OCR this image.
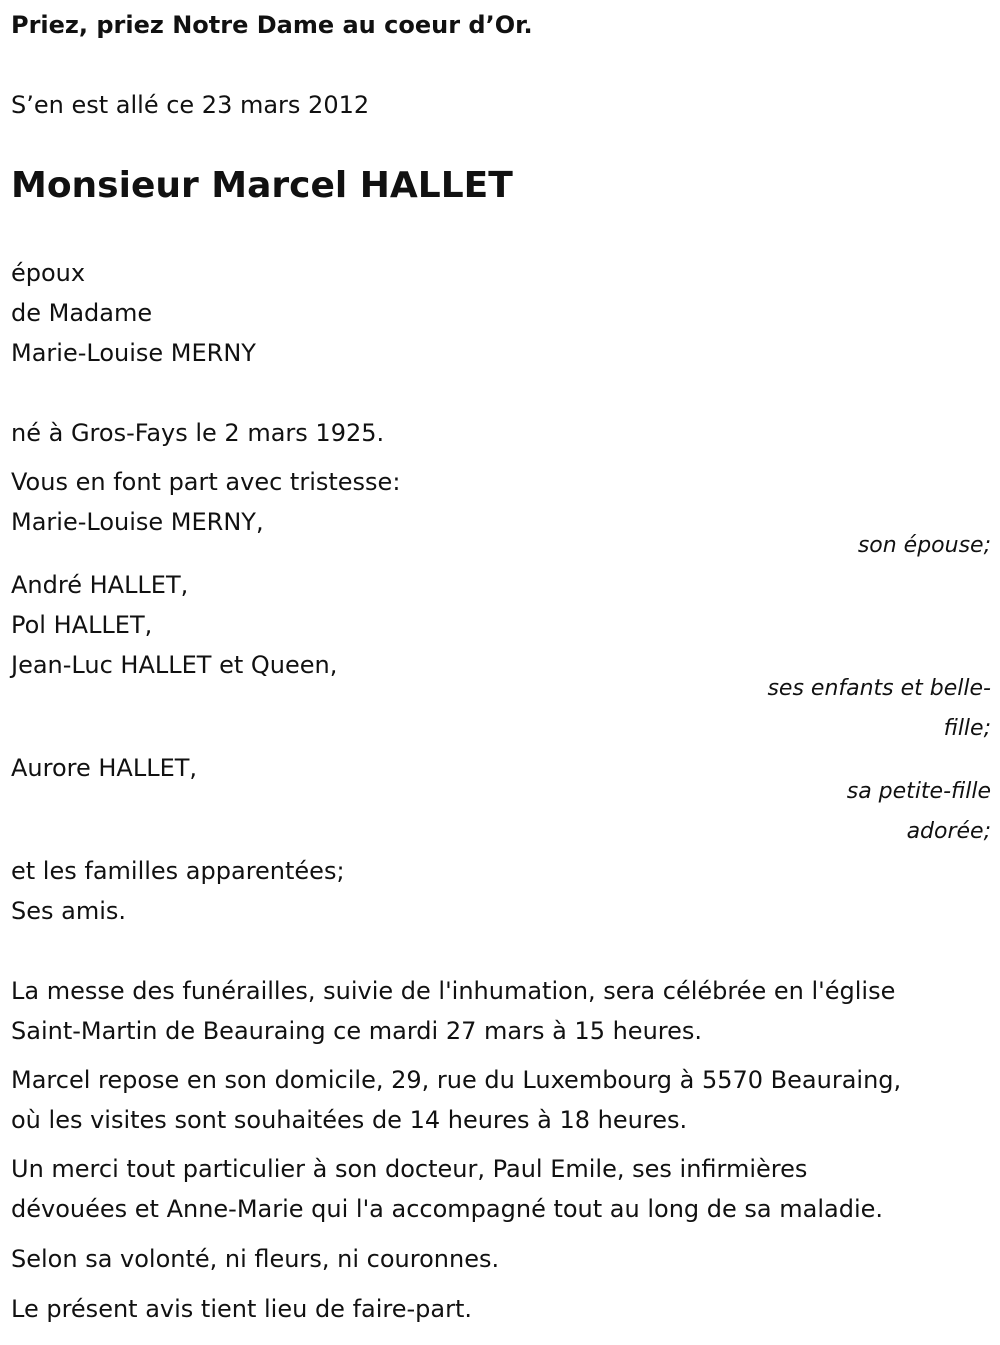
Priez, priez Notre Dame au coeur d’Or.
S’en est allé ce 23 mars 2012
Monsieur Marcel HALLET
époux
de Madame
Marie-Louise MERNY
né à Gros-Fays le 2 mars 1925.
Vous en font part avec tristesse:
Marie-Louise MERNY,
son épouse;
André HALLET,
Pol HALLET,
Jean-Luc HALLET et Queen,
ses enfants et belle-
fille;
Aurore HALLET,
sa petite-fille
adorée;
et les familles apparentées;
Ses amis.
La messe des funérailles, suivie de l'inhumation, sera célébrée en l'église
Saint-Martin de Beauraing ce mardi 27 mars à 15 heures.
Marcel repose en son domicile, 29, rue du Luxembourg à 5570 Beauraing,
où les visites sont souhaitées de 14 heures à 18 heures.
Un merci tout particulier à son docteur, Paul Emile, ses infirmières
dévouées et Anne-Marie qui l'a accompagné tout au long de sa maladie.
Selon sa volonté, ni fleurs, ni couronnes.
Le présent avis tient lieu de faire-part.
